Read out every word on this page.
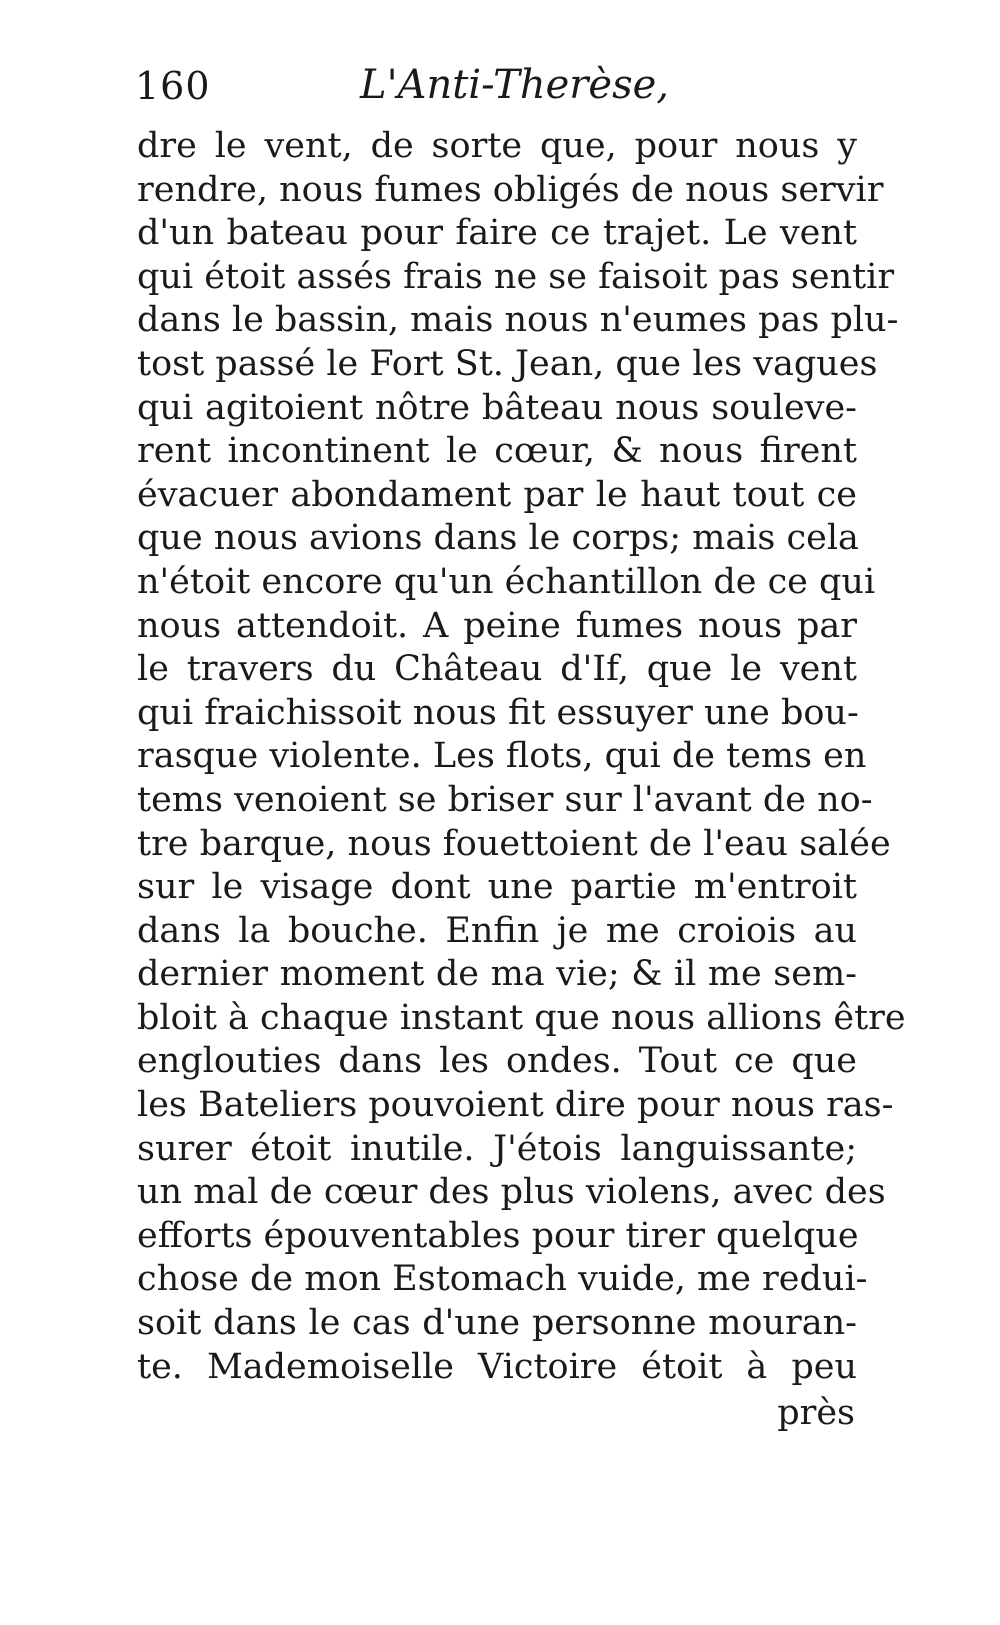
160	L'Anti-Therèse,
dre le vent, de sorte que, pour nous y
rendre, nous fumes obligés de nous servir
d'un bateau pour faire ce trajet. Le vent
qui étoit assés frais ne se faisoit pas sentir
dans le bassin, mais nous n'eumes pas plu-
tost passé le Fort St. Jean, que les vagues
qui agitoient nôtre bâteau nous souleve-
rent incontinent le cœur, & nous firent
évacuer abondament par le haut tout ce
que nous avions dans le corps; mais cela
n'étoit encore qu'un échantillon de ce qui
nous attendoit. A peine fumes nous par
le travers du Château d'If, que le vent
qui fraichissoit nous fit essuyer une bou-
rasque violente. Les flots, qui de tems en
tems venoient se briser sur l'avant de no-
tre barque, nous fouettoient de l'eau salée
sur le visage dont une partie m'entroit
dans la bouche. Enfin je me croiois au
dernier moment de ma vie; & il me sem-
bloit à chaque instant que nous allions être
englouties dans les ondes. Tout ce que
les Bateliers pouvoient dire pour nous ras-
surer étoit inutile. J'étois languissante;
un mal de cœur des plus violens, avec des
efforts épouventables pour tirer quelque
chose de mon Estomach vuide, me redui-
soit dans le cas d'une personne mouran-
te. Mademoiselle Victoire étoit à peu
près
